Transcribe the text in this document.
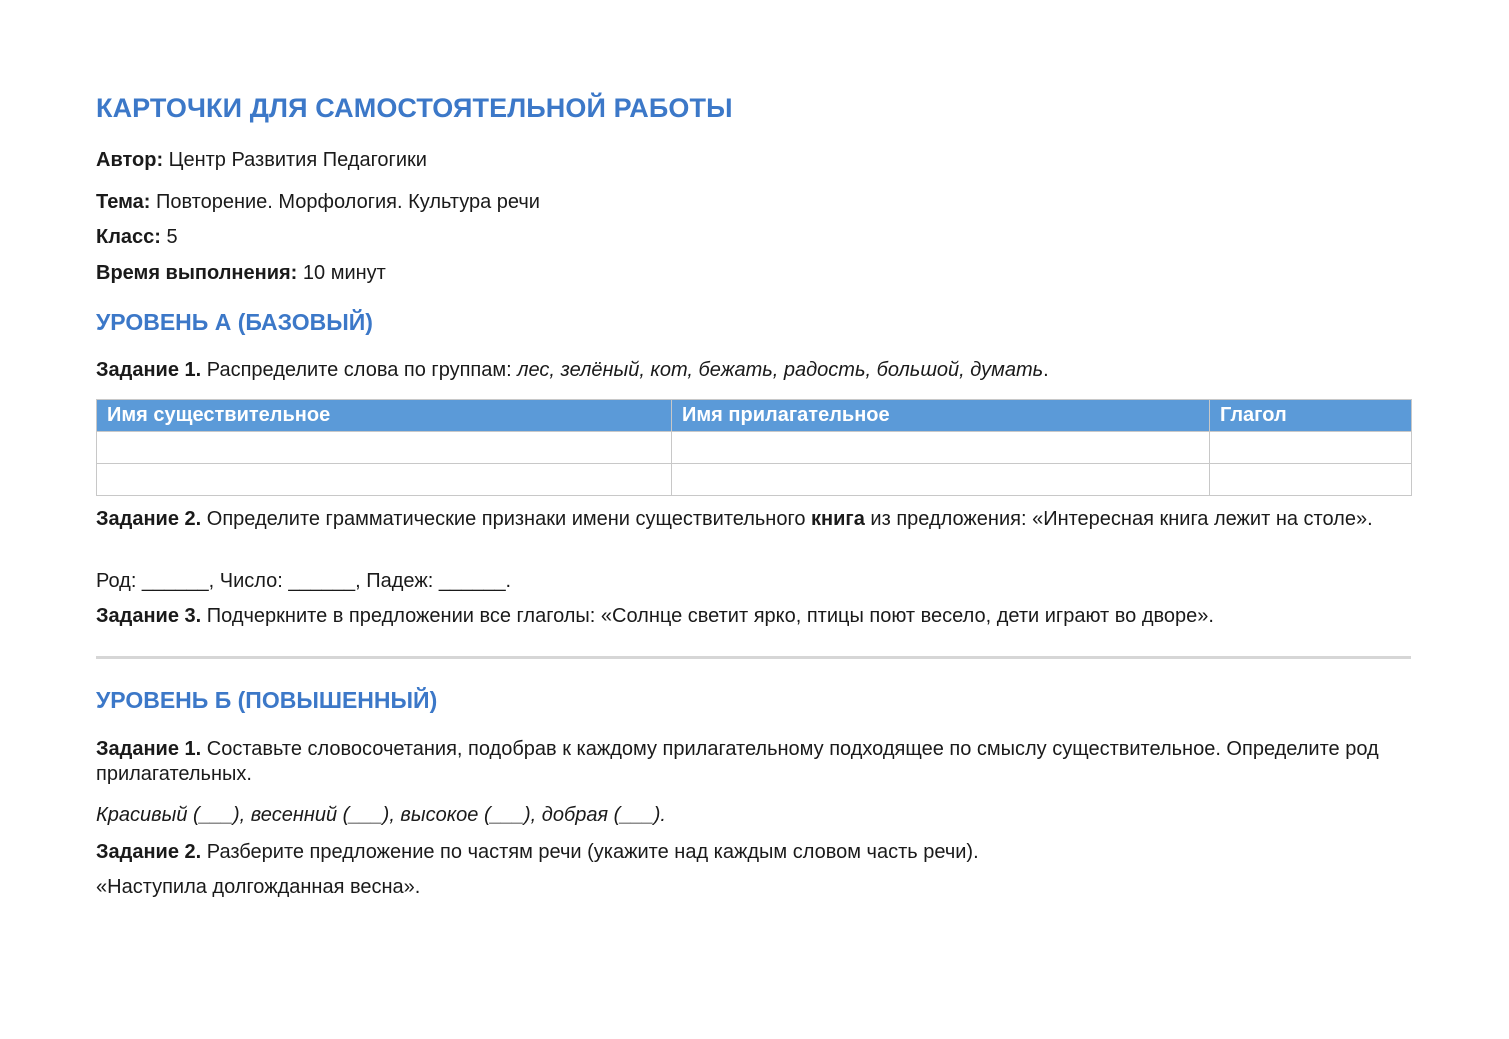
КАРТОЧКИ ДЛЯ САМОСТОЯТЕЛЬНОЙ РАБОТЫ
Автор: Центр Развития Педагогики
Тема: Повторение. Морфология. Культура речи
Класс: 5
Время выполнения: 10 минут
УРОВЕНЬ А (БАЗОВЫЙ)

Задание 1. Распределите слова по группам: лес, зелёный, кот, бежать, радость, большой, думать.

Имя существительное	Имя прилагательное	Глагол

Задание 2. Определите грамматические признаки имени существительного книга из предложения: «Интересная книга лежит на столе».

Род: ______, Число: ______, Падеж: ______.

Задание 3. Подчеркните в предложении все глаголы: «Солнце светит ярко, птицы поют весело, дети играют во дворе».

УРОВЕНЬ Б (ПОВЫШЕННЫЙ)

Задание 1. Составьте словосочетания, подобрав к каждому прилагательному подходящее по смыслу существительное. Определите род прилагательных.

Красивый (___), весенний (___), высокое (___), добрая (___).

Задание 2. Разберите предложение по частям речи (укажите над каждым словом часть речи).

«Наступила долгожданная весна».
